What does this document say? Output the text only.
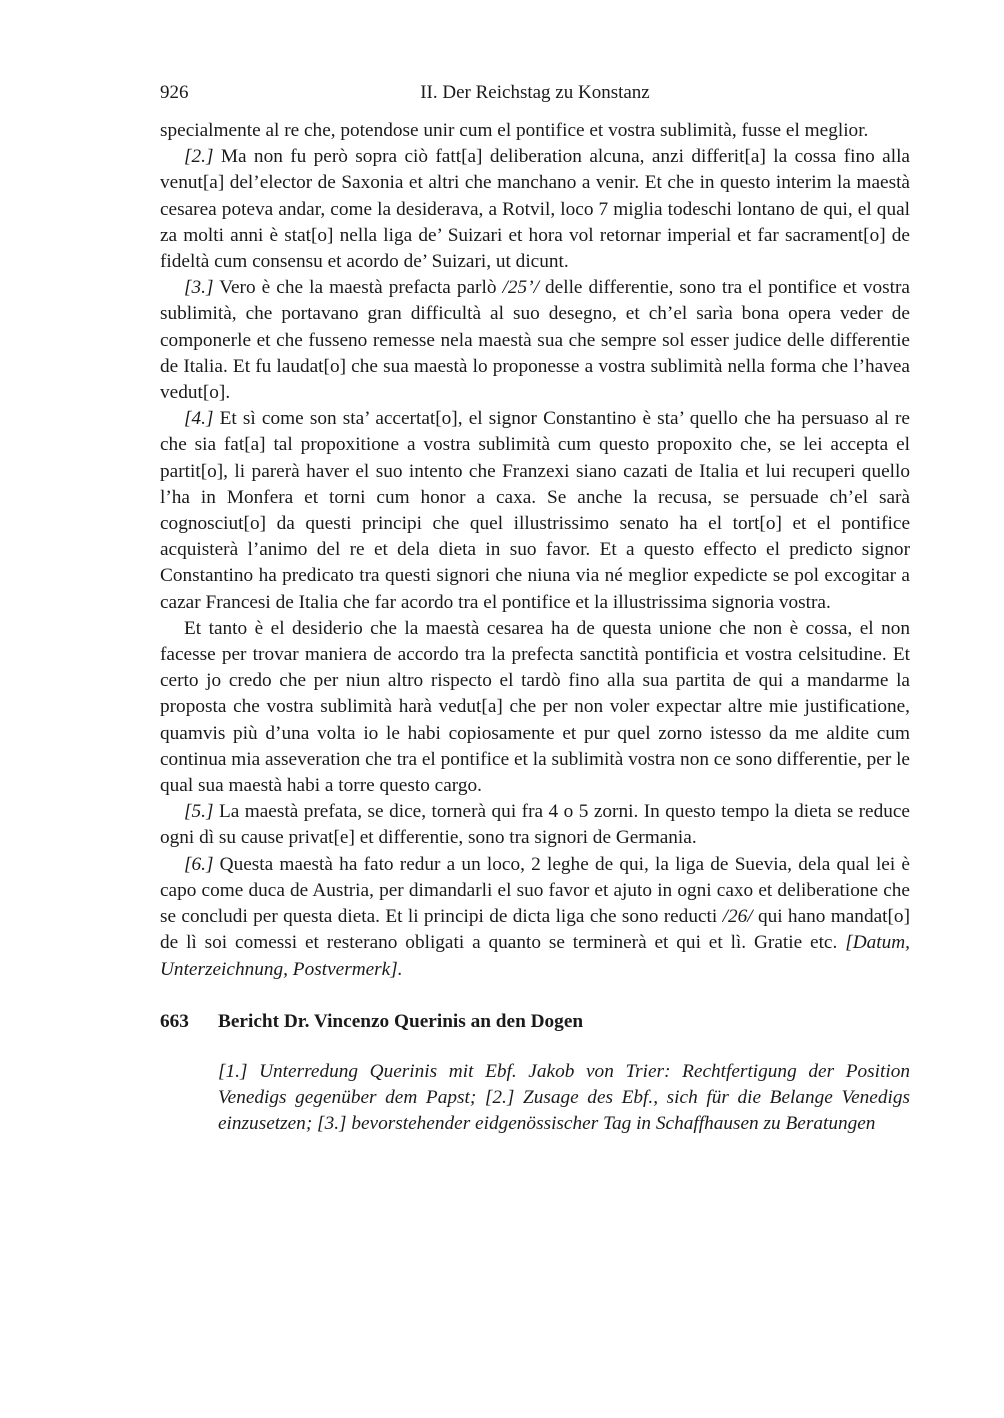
926	II. Der Reichstag zu Konstanz

specialmente al re che, potendose unir cum el pontifice et vostra sublimità, fusse el meglior.

[2.] Ma non fu però sopra ciò fatt[a] deliberation alcuna, anzi differit[a] la cossa fino alla venut[a] del’elector de Saxonia et altri che manchano a venir. Et che in questo interim la maestà cesarea poteva andar, come la desiderava, a Rotvil, loco 7 miglia todeschi lontano de qui, el qual za molti anni è stat[o] nella liga de’ Suizari et hora vol retornar imperial et far sacrament[o] de fideltà cum consensu et acordo de’ Suizari, ut dicunt.

[3.] Vero è che la maestà prefacta parlò /25’/ delle differentie, sono tra el pontifice et vostra sublimità, che portavano gran difficultà al suo desegno, et ch’el sarìa bona opera veder de componerle et che fusseno remesse nela maestà sua che sempre sol esser judice delle differentie de Italia. Et fu laudat[o] che sua maestà lo proponesse a vostra sublimità nella forma che l’havea vedut[o].

[4.] Et sì come son sta’ accertat[o], el signor Constantino è sta’ quello che ha persuaso al re che sia fat[a] tal propoxitione a vostra sublimità cum questo propoxito che, se lei accepta el partit[o], li parerà haver el suo intento che Franzexi siano cazati de Italia et lui recuperi quello l’ha in Monfera et torni cum honor a caxa. Se anche la recusa, se persuade ch’el sarà cognosciut[o] da questi principi che quel illustrissimo senato ha el tort[o] et el pontifice acquisterà l’animo del re et dela dieta in suo favor. Et a questo effecto el predicto signor Constantino ha predicato tra questi signori che niuna via né meglior expedicte se pol excogitar a cazar Francesi de Italia che far acordo tra el pontifice et la illustrissima signoria vostra.

Et tanto è el desiderio che la maestà cesarea ha de questa unione che non è cossa, el non facesse per trovar maniera de accordo tra la prefecta sanctità pontificia et vostra celsitudine. Et certo jo credo che per niun altro rispecto el tardò fino alla sua partita de qui a mandarme la proposta che vostra sublimità harà vedut[a] che per non voler expectar altre mie justificatione, quamvis più d’una volta io le habi copiosamente et pur quel zorno istesso da me aldite cum continua mia asseveration che tra el pontifice et la sublimità vostra non ce sono differentie, per le qual sua maestà habi a torre questo cargo.

[5.] La maestà prefata, se dice, tornerà qui fra 4 o 5 zorni. In questo tempo la dieta se reduce ogni dì su cause privat[e] et differentie, sono tra signori de Germania.

[6.] Questa maestà ha fato redur a un loco, 2 leghe de qui, la liga de Suevia, dela qual lei è capo come duca de Austria, per dimandarli el suo favor et ajuto in ogni caxo et deliberatione che se concludi per questa dieta. Et li principi de dicta liga che sono reducti /26/ qui hano mandat[o] de lì soi comessi et resterano obligati a quanto se terminerà et qui et lì. Gratie etc. [Datum, Unterzeichnung, Postvermerk].

663	Bericht Dr. Vincenzo Querinis an den Dogen
[1.] Unterredung Querinis mit Ebf. Jakob von Trier: Rechtfertigung der Position Venedigs gegenüber dem Papst; [2.] Zusage des Ebf., sich für die Belange Venedigs einzusetzen; [3.] bevorstehender eidgenössischer Tag in Schaffhausen zu Beratungen
